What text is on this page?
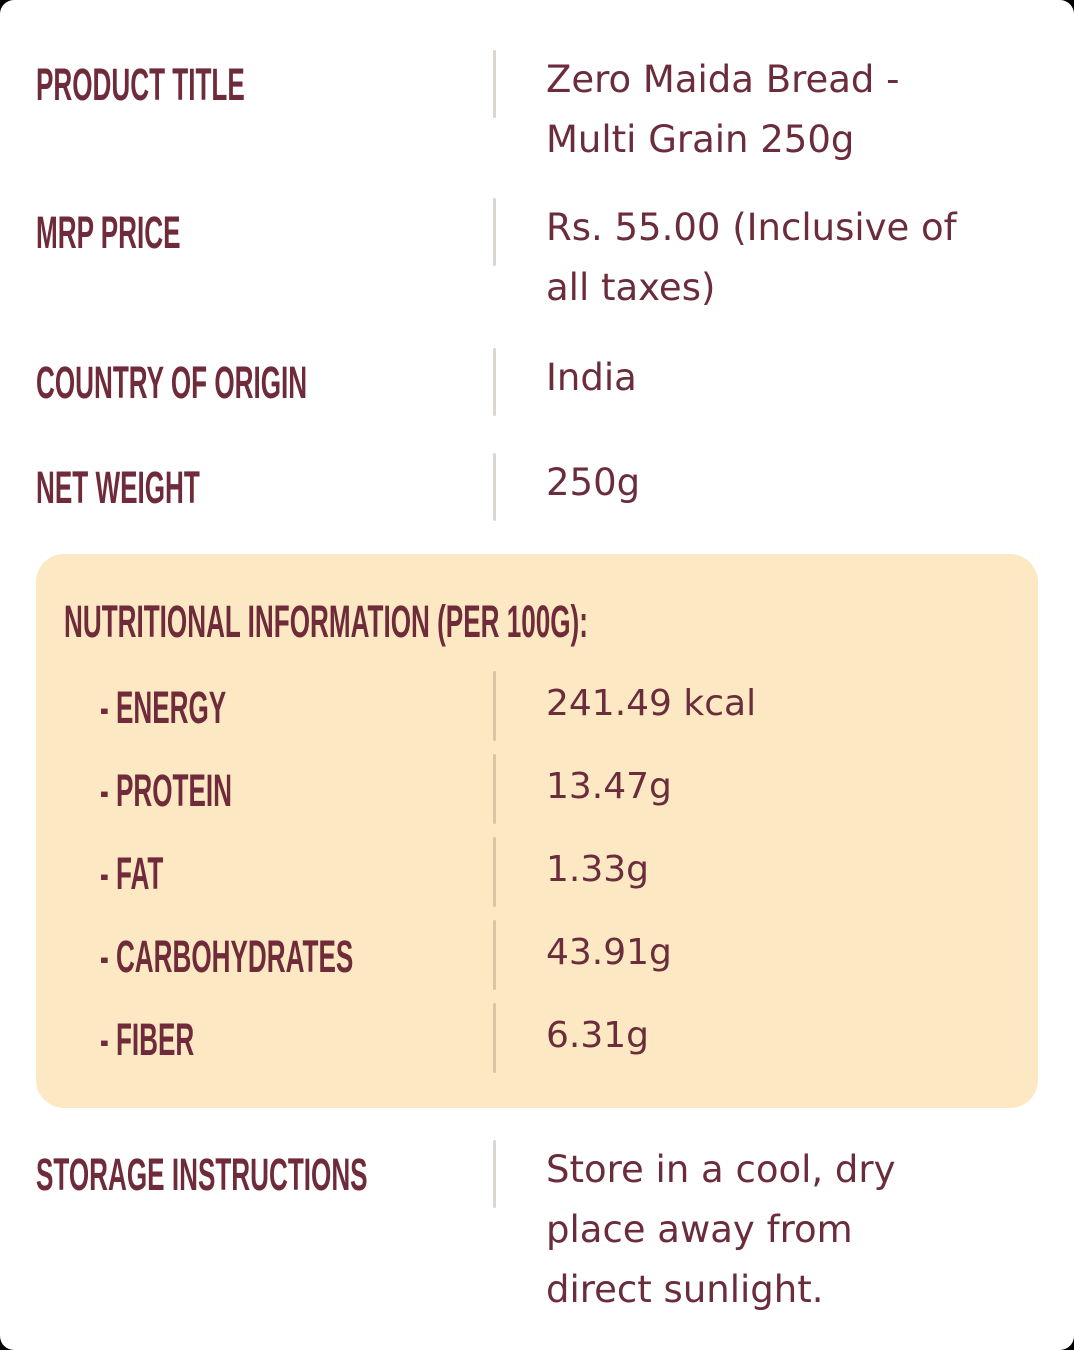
PRODUCT TITLE	Zero Maida Bread - Multi Grain 250g
MRP PRICE	Rs. 55.00 (Inclusive of all taxes)
COUNTRY OF ORIGIN	India
NET WEIGHT	250g
NUTRITIONAL INFORMATION (PER 100G):
- ENERGY	241.49 kcal
- PROTEIN	13.47g
- FAT	1.33g
- CARBOHYDRATES	43.91g
- FIBER	6.31g
STORAGE INSTRUCTIONS	Store in a cool, dry place away from direct sunlight.
